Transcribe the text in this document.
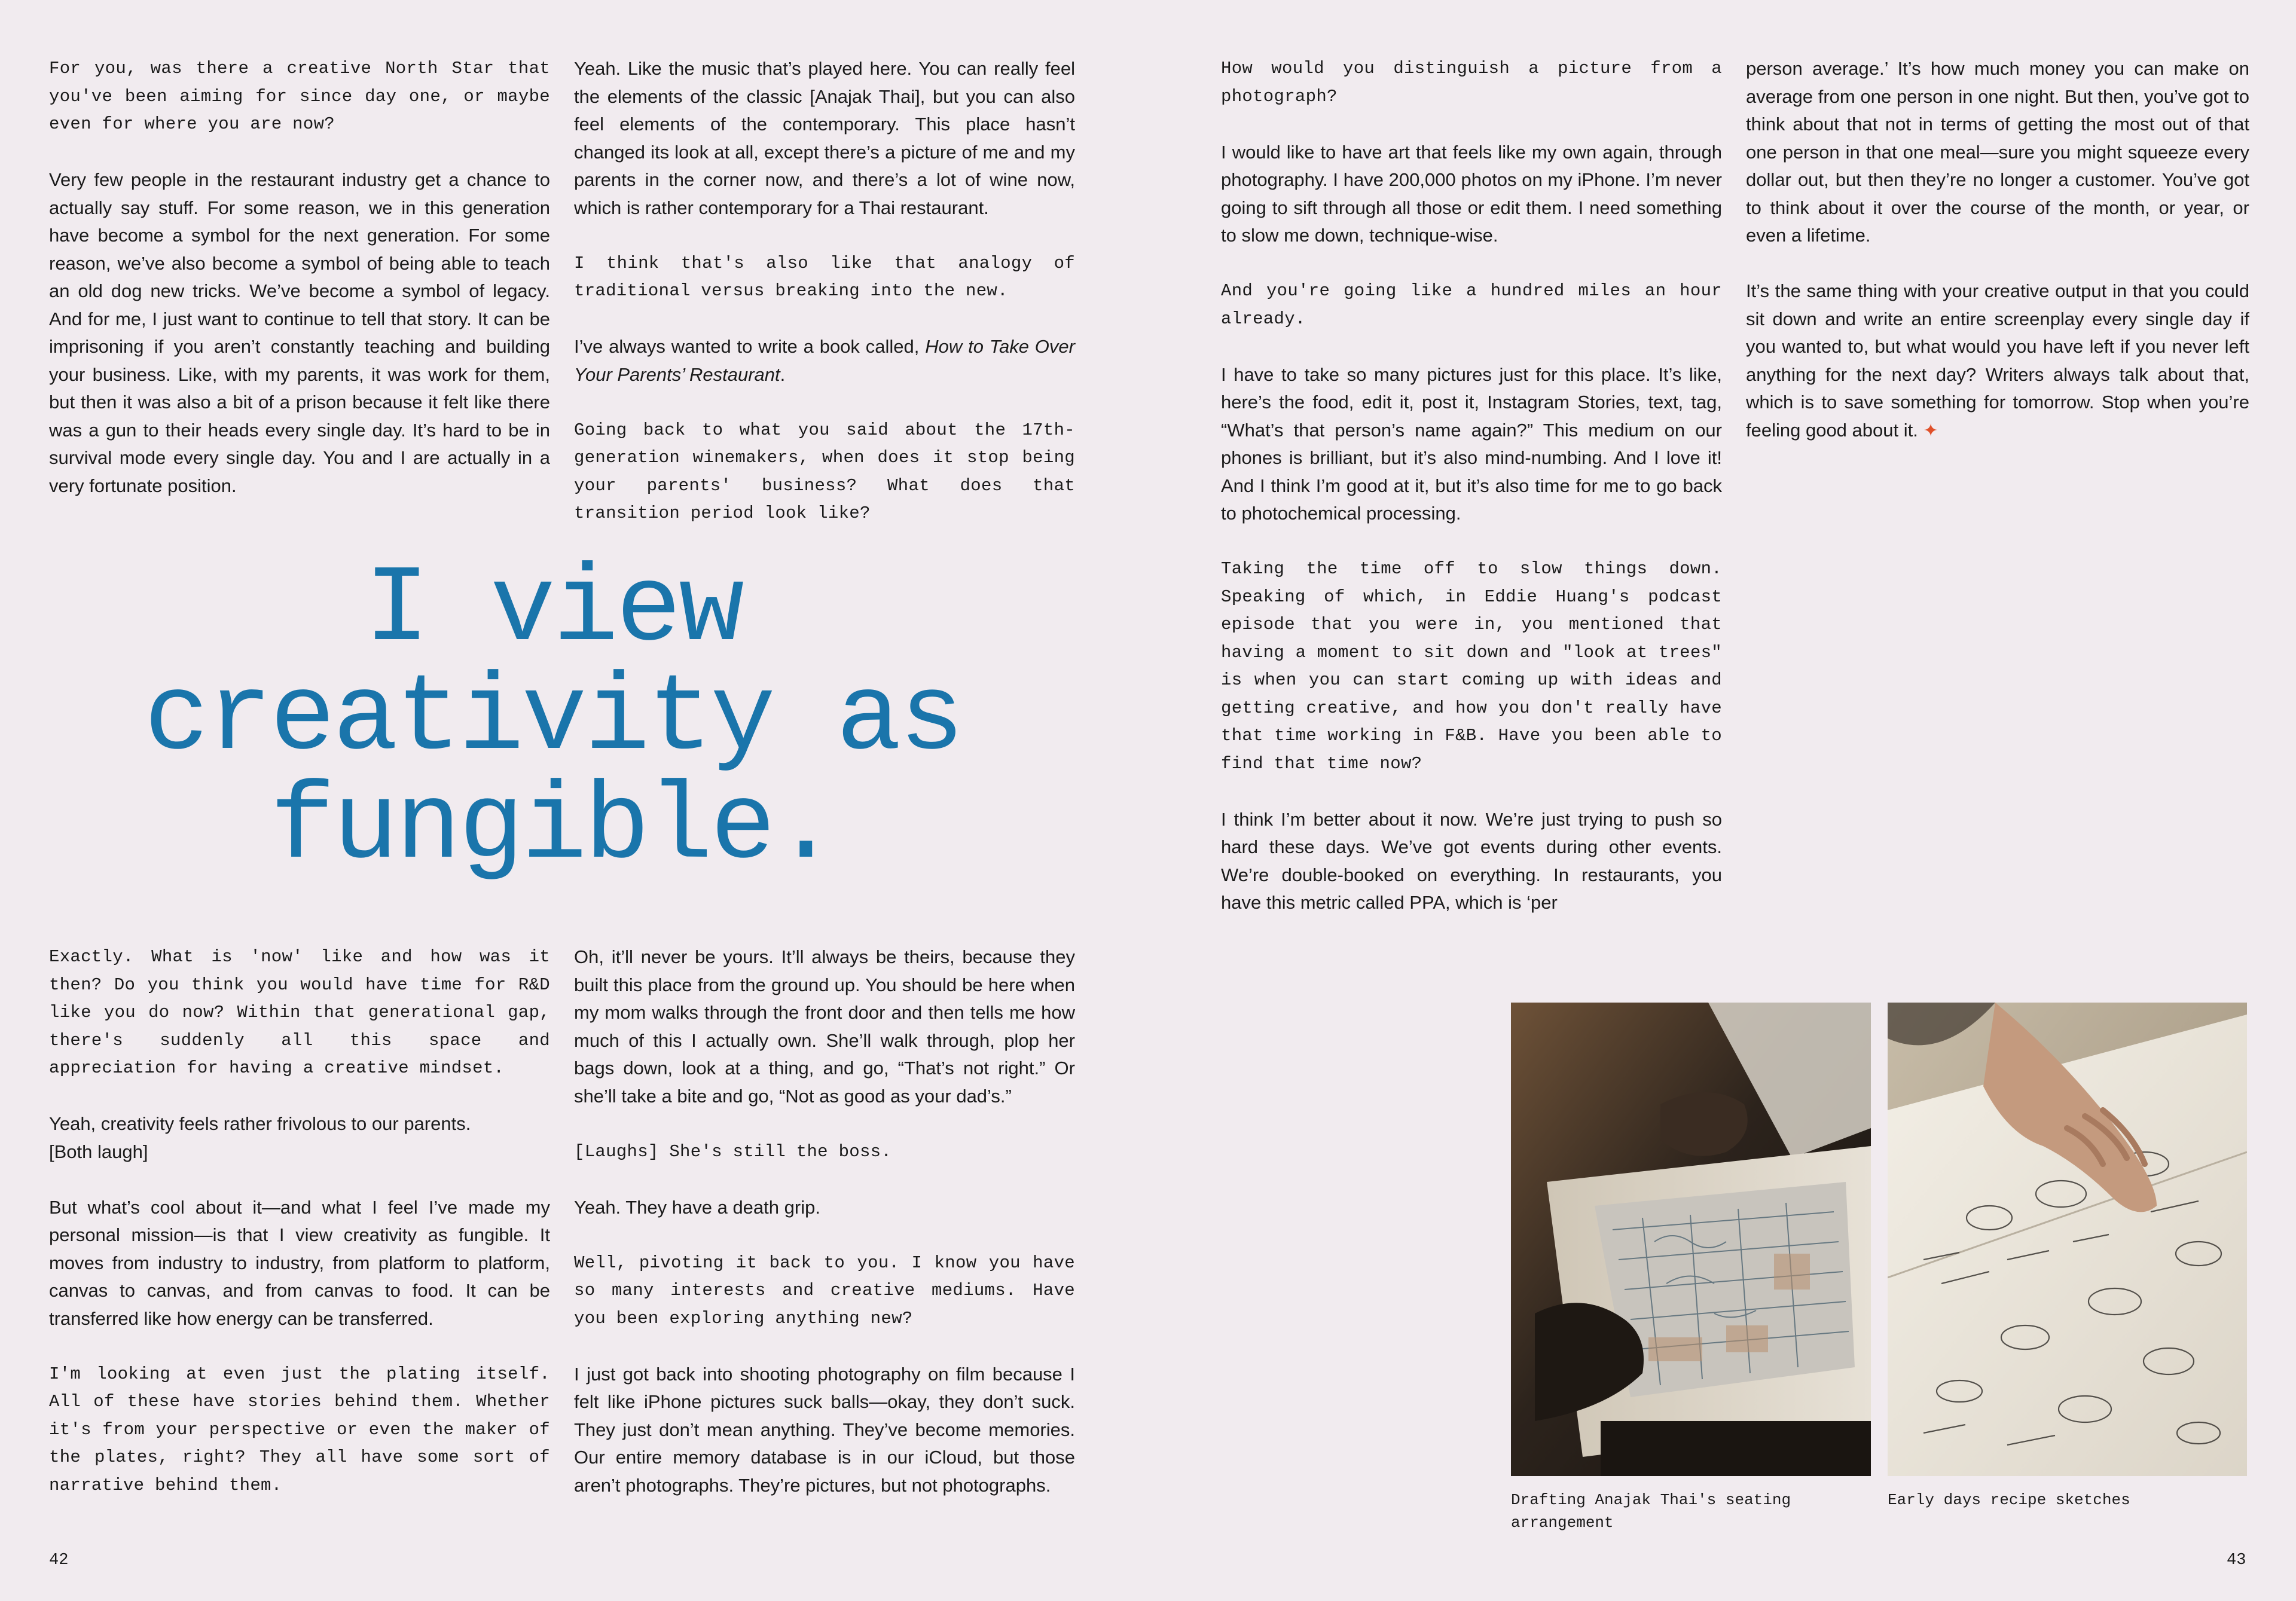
For you, was there a creative North Star that you've been aiming for since day one, or maybe even for where you are now?

Very few people in the restaurant industry get a chance to actually say stuff. For some reason, we in this generation have become a symbol for the next generation. For some reason, we’ve also become a symbol of being able to teach an old dog new tricks. We’ve become a symbol of legacy. And for me, I just want to continue to tell that story. It can be imprisoning if you aren’t constantly teaching and building your business. Like, with my parents, it was work for them, but then it was also a bit of a prison because it felt like there was a gun to their heads every single day. It’s hard to be in survival mode every single day. You and I are actually in a very fortunate position.

Yeah. Like the music that’s played here. You can really feel the elements of the classic [Anajak Thai], but you can also feel elements of the contemporary. This place hasn’t changed its look at all, except there’s a picture of me and my parents in the corner now, and there’s a lot of wine now, which is rather contemporary for a Thai restaurant.

I think that's also like that analogy of traditional versus breaking into the new.

I’ve always wanted to write a book called, How to Take Over Your Parents’ Restaurant.

Going back to what you said about the 17th-generation winemakers, when does it stop being your parents' business? What does that transition period look like?

I view
creativity as
fungible.

Exactly. What is 'now' like and how was it then? Do you think you would have time for R&D like you do now? Within that generational gap, there's suddenly all this space and appreciation for having a creative mindset.

Yeah, creativity feels rather frivolous to our parents.

[Both laugh]

But what’s cool about it—and what I feel I’ve made my personal mission—is that I view creativity as fungible. It moves from industry to industry, from platform to platform, canvas to canvas, and from canvas to food. It can be transferred like how energy can be transferred.

I'm looking at even just the plating itself. All of these have stories behind them. Whether it's from your perspective or even the maker of the plates, right? They all have some sort of narrative behind them.

Oh, it’ll never be yours. It’ll always be theirs, because they built this place from the ground up. You should be here when my mom walks through the front door and then tells me how much of this I actually own. She’ll walk through, plop her bags down, look at a thing, and go, “That’s not right.” Or she’ll take a bite and go, “Not as good as your dad’s.”

[Laughs] She's still the boss.

Yeah. They have a death grip.

Well, pivoting it back to you. I know you have so many interests and creative mediums. Have you been exploring anything new?

I just got back into shooting photography on film because I felt like iPhone pictures suck balls—okay, they don’t suck. They just don’t mean anything. They’ve become memories. Our entire memory database is in our iCloud, but those aren’t photographs. They’re pictures, but not photographs.

42

How would you distinguish a picture from a photograph?

I would like to have art that feels like my own again, through photography. I have 200,000 photos on my iPhone. I’m never going to sift through all those or edit them. I need something to slow me down, technique-wise.

And you're going like a hundred miles an hour already.

I have to take so many pictures just for this place. It’s like, here’s the food, edit it, post it, Instagram Stories, text, tag, “What’s that person’s name again?” This medium on our phones is brilliant, but it’s also mind-numbing. And I love it! And I think I’m good at it, but it’s also time for me to go back to photochemical processing.

Taking the time off to slow things down. Speaking of which, in Eddie Huang's podcast episode that you were in, you mentioned that having a moment to sit down and "look at trees" is when you can start coming up with ideas and getting creative, and how you don't really have that time working in F&B. Have you been able to find that time now?

I think I’m better about it now. We’re just trying to push so hard these days. We’ve got events during other events. We’re double-booked on everything. In restaurants, you have this metric called PPA, which is ‘per

person average.’ It’s how much money you can make on average from one person in one night. But then, you’ve got to think about that not in terms of getting the most out of that one person in that one meal—sure you might squeeze every dollar out, but then they’re no longer a customer. You’ve got to think about it over the course of the month, or year, or even a lifetime.

It’s the same thing with your creative output in that you could sit down and write an entire screenplay every single day if you wanted to, but what would you have left if you never left anything for the next day? Writers always talk about that, which is to save something for tomorrow. Stop when you’re feeling good about it. ✦

Drafting Anajak Thai's seating arrangement
Early days recipe sketches
43
